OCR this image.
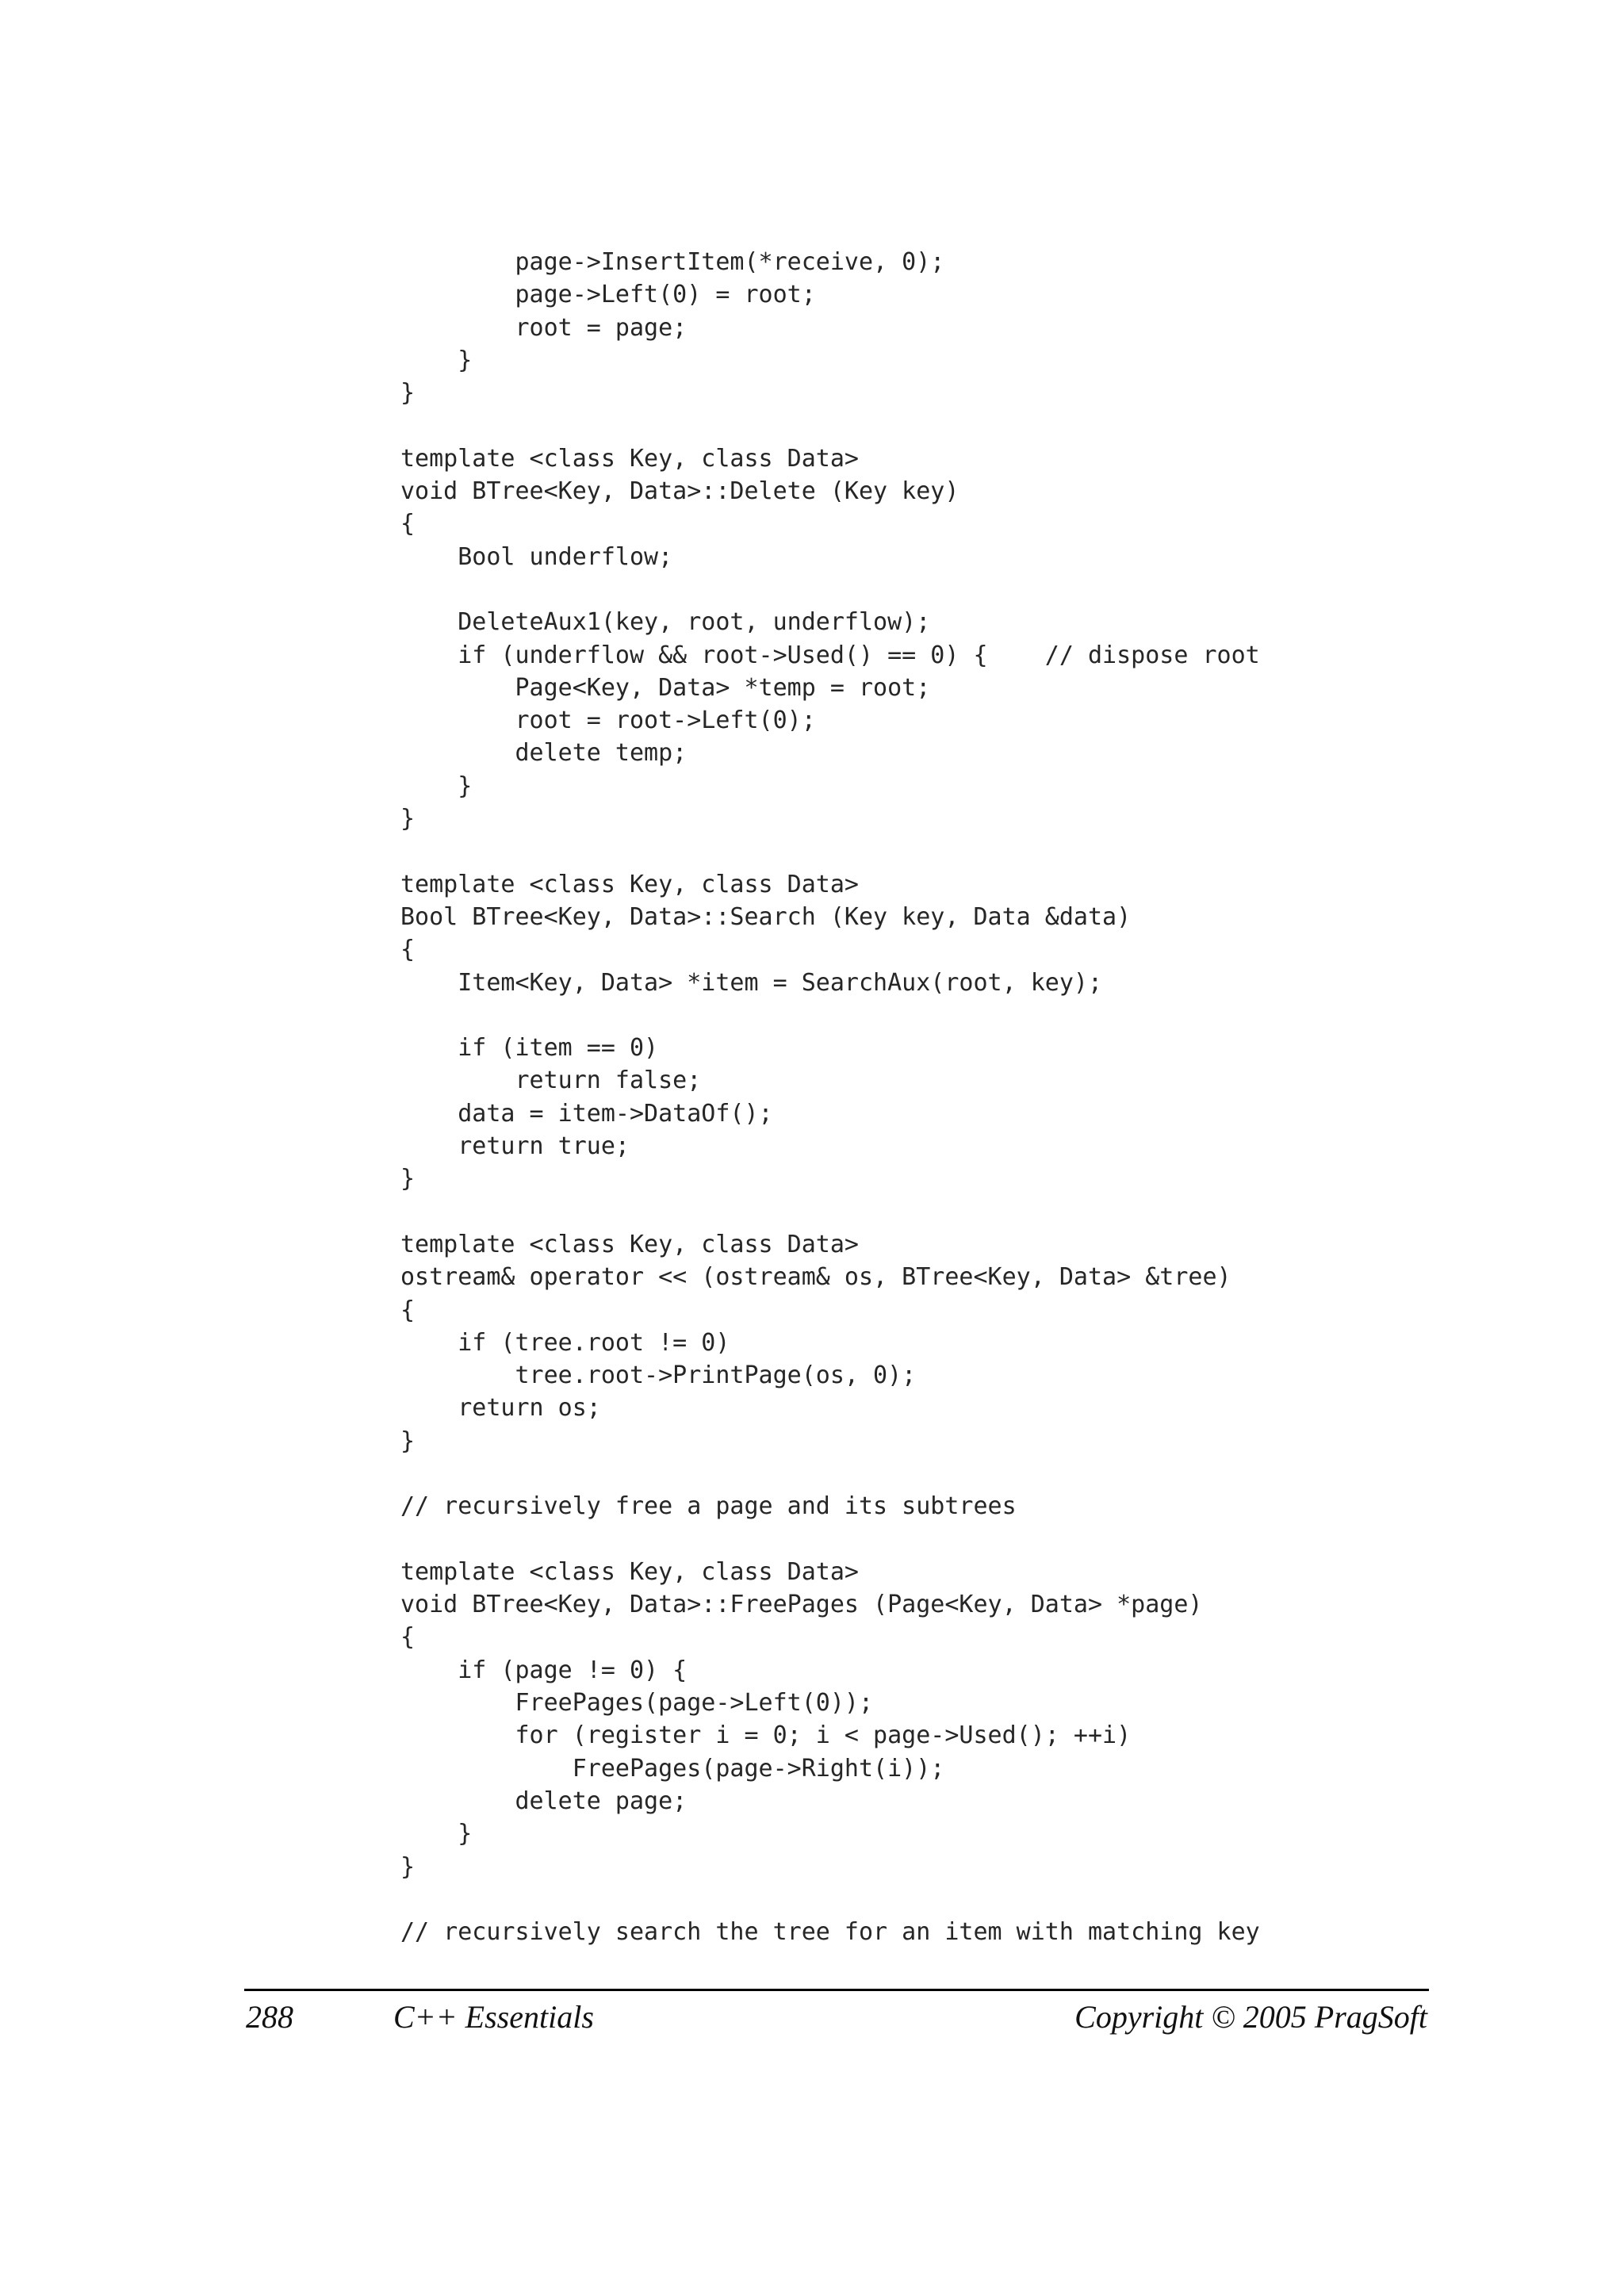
page->InsertItem(*receive, 0);
page->Left(0) = root;
root = page;
}
}
template <class Key, class Data>
void BTree<Key, Data>::Delete (Key key)
{
Bool underflow;
DeleteAux1(key, root, underflow);
if (underflow && root->Used() == 0) {    // dispose root
Page<Key, Data> *temp = root;
root = root->Left(0);
delete temp;
}
}
template <class Key, class Data>
Bool BTree<Key, Data>::Search (Key key, Data &data)
{
Item<Key, Data> *item = SearchAux(root, key);
if (item == 0)
return false;
data = item->DataOf();
return true;
}
template <class Key, class Data>
ostream& operator << (ostream& os, BTree<Key, Data> &tree)
{
if (tree.root != 0)
tree.root->PrintPage(os, 0);
return os;
}
// recursively free a page and its subtrees
template <class Key, class Data>
void BTree<Key, Data>::FreePages (Page<Key, Data> *page)
{
if (page != 0) {
FreePages(page->Left(0));
for (register i = 0; i < page->Used(); ++i)
FreePages(page->Right(i));
delete page;
}
}
// recursively search the tree for an item with matching key
288	C++ Essentials	Copyright © 2005 PragSoft
